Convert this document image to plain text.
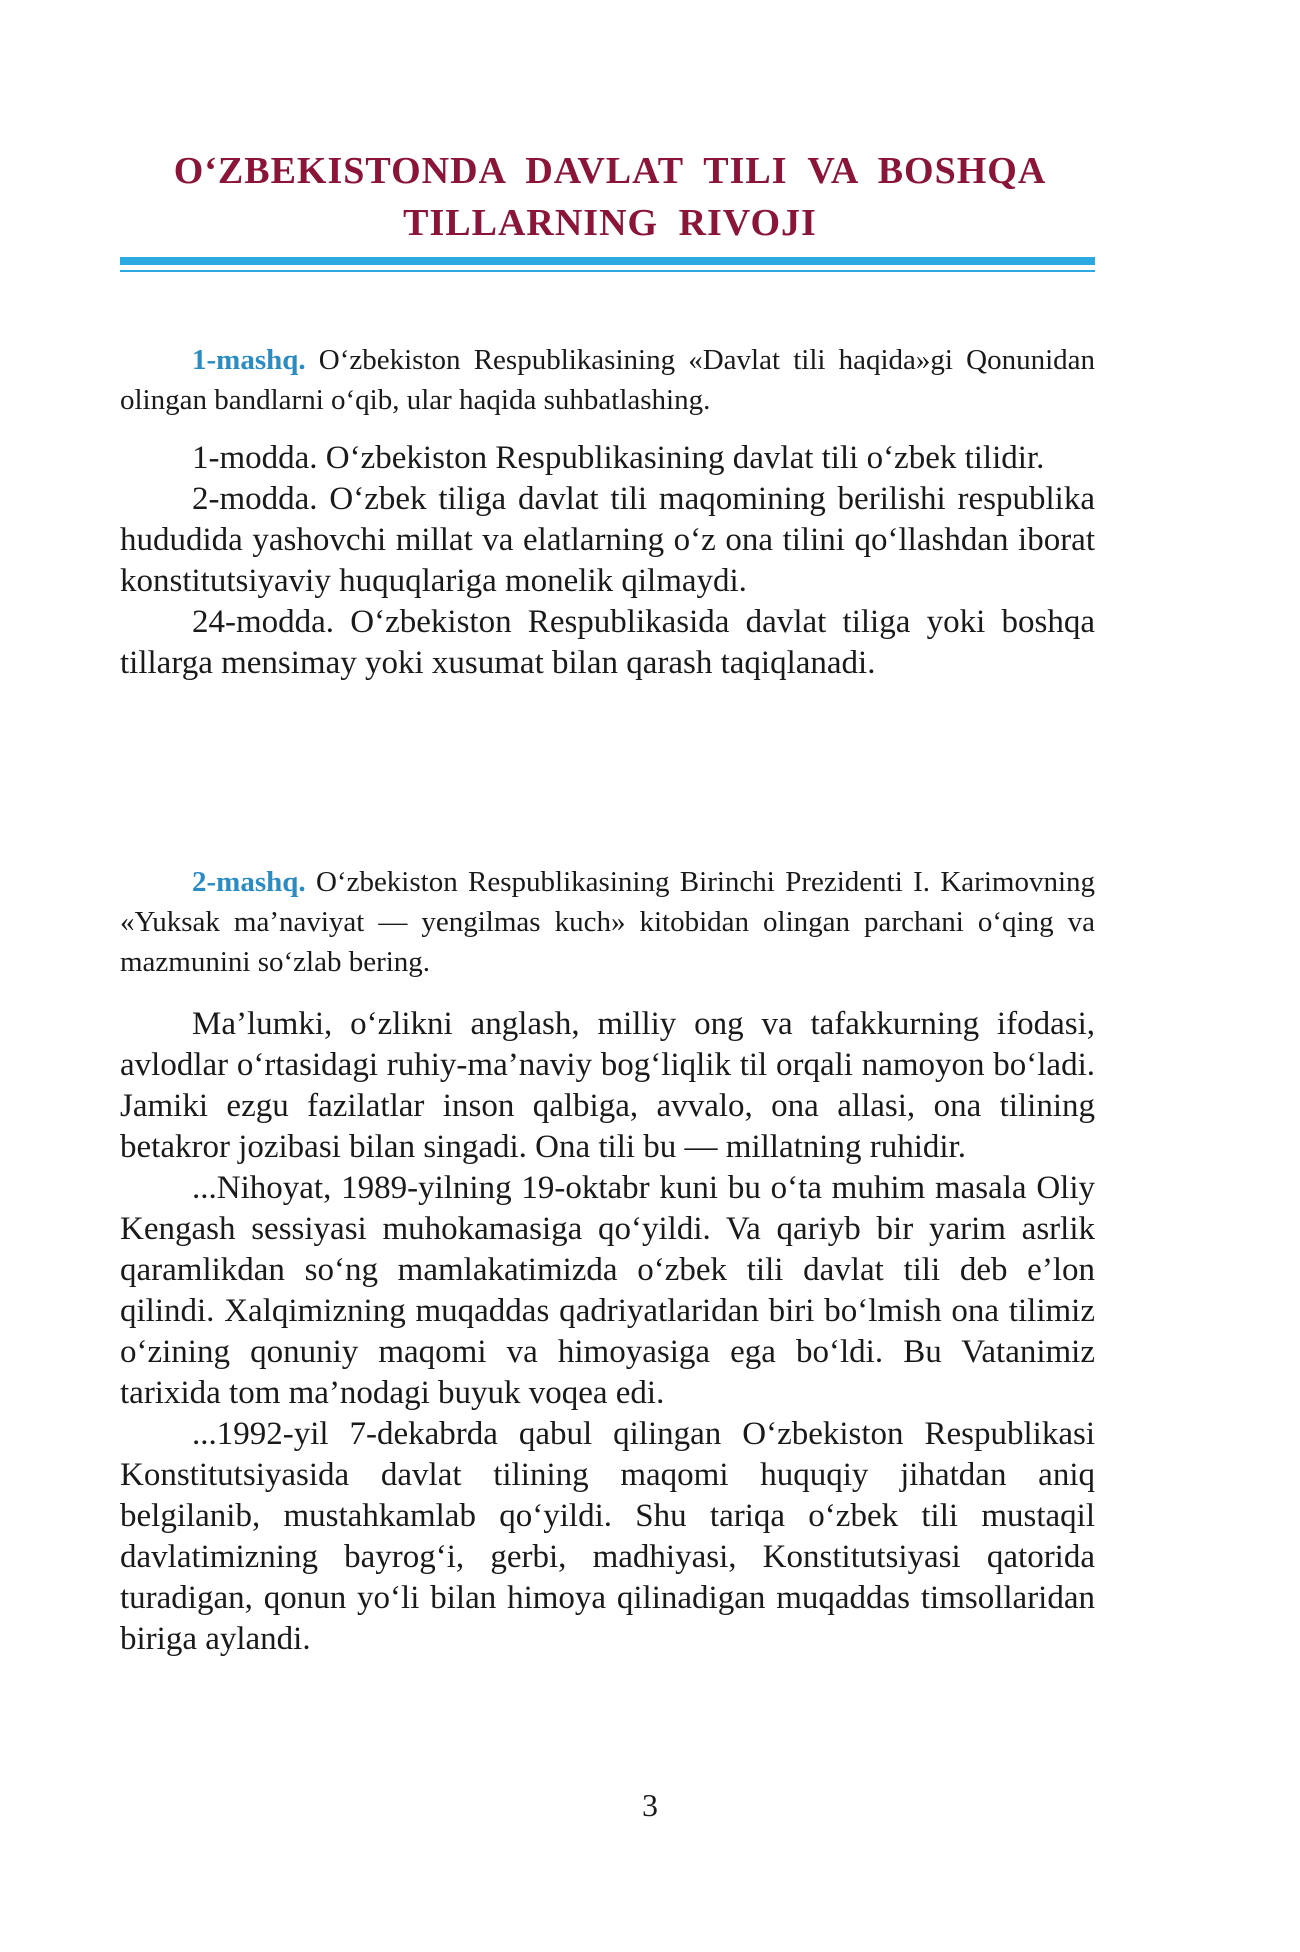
O‘ZBEKISTONDA DAVLAT TILI VA BOSHQA
TILLARNING RIVOJI
1-mashq. O‘zbekiston Respublikasining «Davlat tili haqida»gi Qonunidan olingan bandlarni o‘qib, ular haqida suhbatlashing.

1-modda. O‘zbekiston Respublikasining davlat tili o‘zbek tilidir.

2-modda. O‘zbek tiliga davlat tili maqomining berilishi respublika hududida yashovchi millat va elatlarning o‘z ona tilini qo‘llashdan iborat konstitutsiyaviy huquqlariga monelik qilmaydi.

24-modda. O‘zbekiston Respublikasida davlat tiliga yoki boshqa tillarga mensimay yoki xusumat bilan qarash taqiqlanadi.

2-mashq. O‘zbekiston Respublikasining Birinchi Prezidenti I. Karimovning «Yuksak ma’naviyat — yengilmas kuch» kitobidan olingan parchani o‘qing va mazmunini so‘zlab bering.

Ma’lumki, o‘zlikni anglash, milliy ong va tafakkurning ifodasi, avlodlar o‘rtasidagi ruhiy-ma’naviy bog‘liqlik til orqali namoyon bo‘ladi. Jamiki ezgu fazilatlar inson qalbiga, avvalo, ona allasi, ona tilining betakror jozibasi bilan singadi. Ona tili bu — millatning ruhidir.

...Nihoyat, 1989-yilning 19-oktabr kuni bu o‘ta muhim masala Oliy Kengash sessiyasi muhokamasiga qo‘yildi. Va qariyb bir yarim asrlik qaramlikdan so‘ng mamlakatimizda o‘zbek tili davlat tili deb e’lon qilindi. Xalqimizning muqaddas qadriyatlaridan biri bo‘lmish ona tilimiz o‘zining qonuniy maqomi va himoyasiga ega bo‘ldi. Bu Vatanimiz tarixida tom ma’nodagi buyuk voqea edi.

...1992-yil 7-dekabrda qabul qilingan O‘zbekiston Respublikasi Konstitutsiyasida davlat tilining maqomi huquqiy jihatdan aniq belgilanib, mustahkamlab qo‘yildi. Shu tariqa o‘zbek tili mustaqil davlatimizning bayrog‘i, gerbi, madhiyasi, Konstitutsiyasi qatorida turadigan, qonun yo‘li bilan himoya qilinadigan muqaddas timsollaridan biriga aylandi.

3
